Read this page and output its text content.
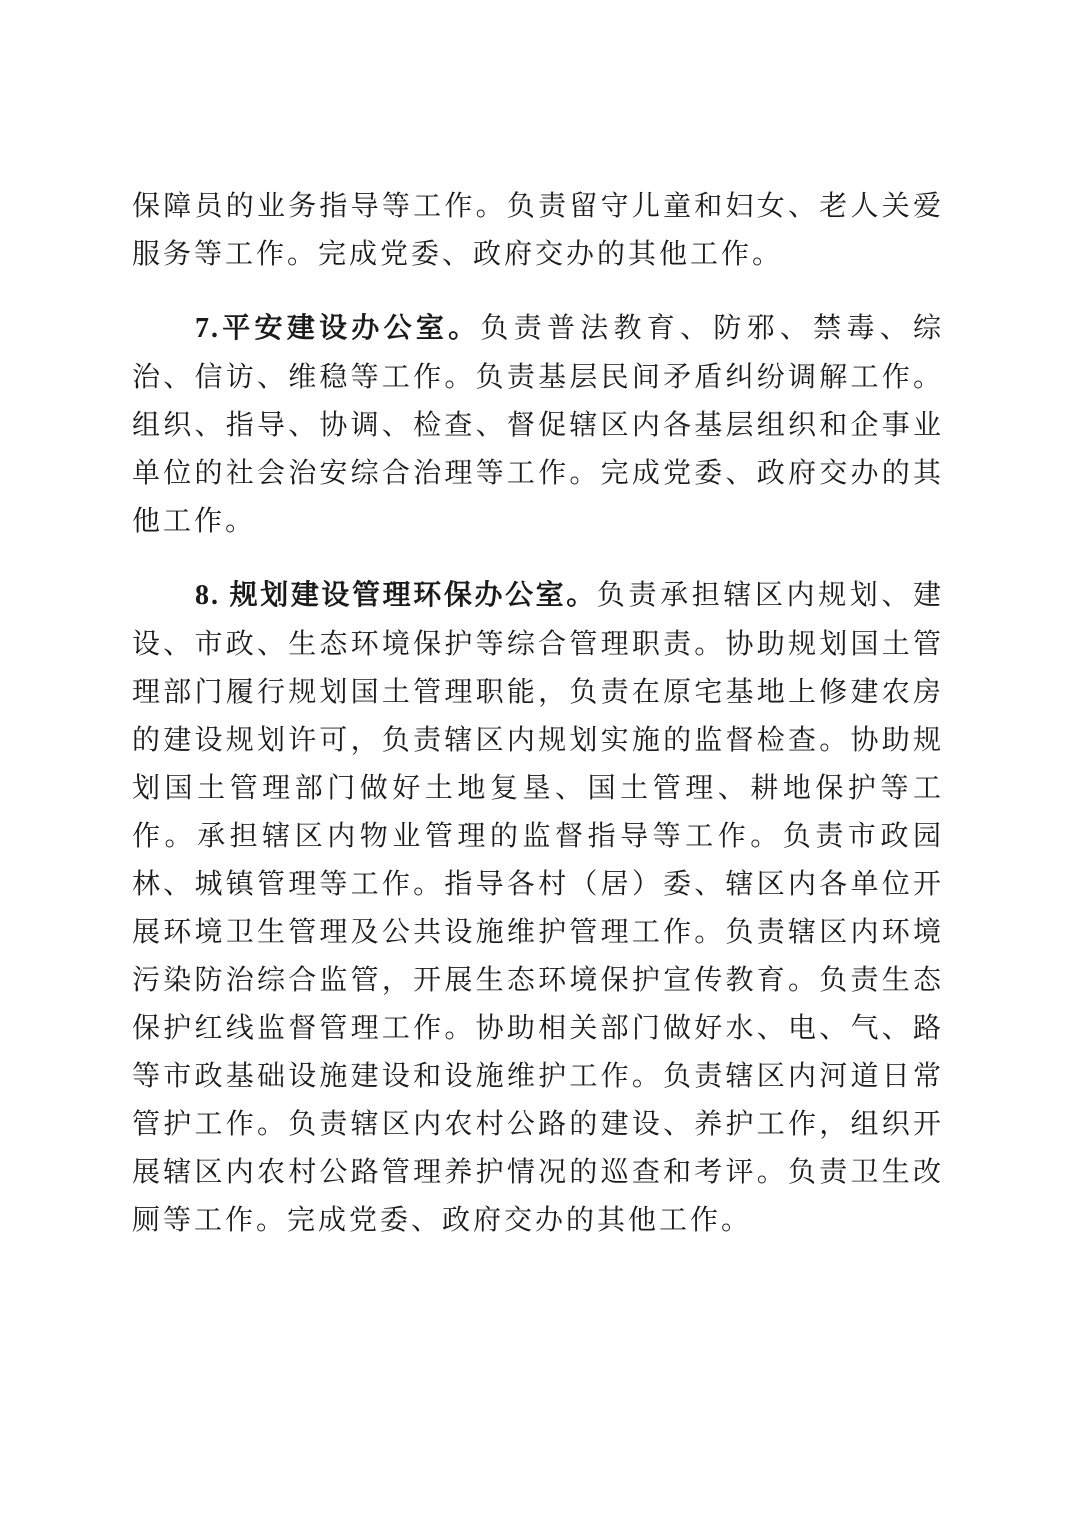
保障员的业务指导等工作。负责留守儿童和妇女、老人关爱服务等工作。完成党委、政府交办的其他工作。

7.平安建设办公室。负责普法教育、防邪、禁毒、综治、信访、维稳等工作。负责基层民间矛盾纠纷调解工作。组织、指导、协调、检查、督促辖区内各基层组织和企事业单位的社会治安综合治理等工作。完成党委、政府交办的其他工作。

8. 规划建设管理环保办公室。负责承担辖区内规划、建设、市政、生态环境保护等综合管理职责。协助规划国土管理部门履行规划国土管理职能，负责在原宅基地上修建农房的建设规划许可，负责辖区内规划实施的监督检查。协助规划国土管理部门做好土地复垦、国土管理、耕地保护等工作。承担辖区内物业管理的监督指导等工作。负责市政园林、城镇管理等工作。指导各村（居）委、辖区内各单位开展环境卫生管理及公共设施维护管理工作。负责辖区内环境污染防治综合监管，开展生态环境保护宣传教育。负责生态保护红线监督管理工作。协助相关部门做好水、电、气、路等市政基础设施建设和设施维护工作。负责辖区内河道日常管护工作。负责辖区内农村公路的建设、养护工作，组织开展辖区内农村公路管理养护情况的巡查和考评。负责卫生改厕等工作。完成党委、政府交办的其他工作。
